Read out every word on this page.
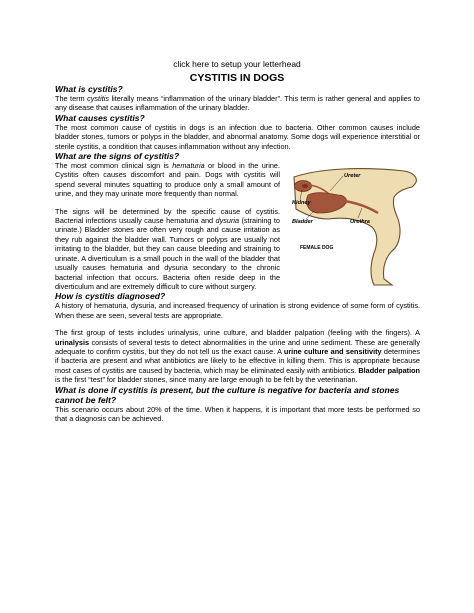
click here to setup your letterhead
CYSTITIS IN DOGS
What is cystitis?

The term cystitis literally means “inflammation of the urinary bladder”. This term is rather general and applies to any disease that causes inflammation of the urinary bladder.

What causes cystitis?

The most common cause of cystitis in dogs is an infection due to bacteria. Other common causes include bladder stones, tumors or polyps in the bladder, and abnormal anatomy. Some dogs will experience interstitial or sterile cystitis, a condition that causes inflammation without any infection.

What are the signs of cystitis?

The most common clinical sign is hematuria or blood in the urine. Cystitis often causes discomfort and pain. Dogs with cystitis will spend several minutes squatting to produce only a small amount of urine, and they may urinate more frequently than normal.

The signs will be determined by the specific cause of cystitis. Bacterial infections usually cause hematuria and dysuria (straining to urinate.) Bladder stones are often very rough and cause irritation as they rub against the bladder wall. Tumors or polyps are usually not irritating to the bladder, but they can cause bleeding and straining to urinate. A diverticulum is a small pouch in the wall of the bladder that usually causes hematuria and dysuria secondary to the chronic bacterial infection that occurs. Bacteria often reside deep in the diverticulum and are extremely difficult to cure without surgery.

Ureter
Kidney
Bladder	Urethra
FEMALE DOG
How is cystitis diagnosed?

A history of hematuria, dysuria, and increased frequency of urination is strong evidence of some form of cystitis. When these are seen, several tests are appropriate.

The first group of tests includes urinalysis, urine culture, and bladder palpation (feeling with the fingers). A urinalysis consists of several tests to detect abnormalities in the urine and urine sediment. These are generally adequate to confirm cystitis, but they do not tell us the exact cause. A urine culture and sensitivity determines if bacteria are present and what antibiotics are likely to be effective in killing them. This is appropriate because most cases of cystitis are caused by bacteria, which may be eliminated easily with antibiotics. Bladder palpation is the first “test” for bladder stones, since many are large enough to be felt by the veterinarian.

What is done if cystitis is present, but the culture is negative for bacteria and stones cannot be felt?

This scenario occurs about 20% of the time. When it happens, it is important that more tests be performed so that a diagnosis can be achieved.
